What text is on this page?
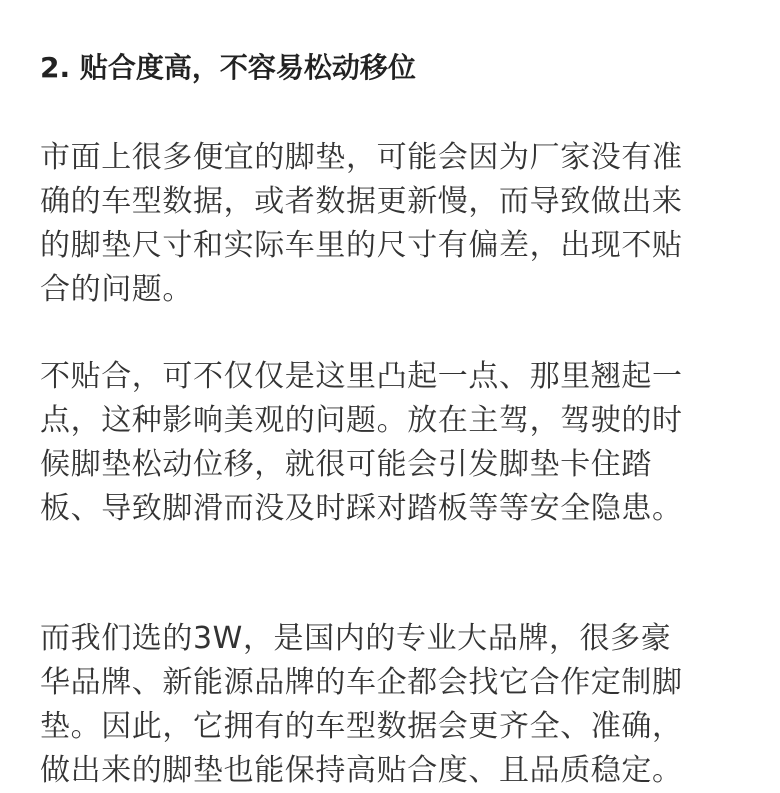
2. 贴合度高，不容易松动移位
市面上很多便宜的脚垫，可能会因为厂家没有准
确的车型数据，或者数据更新慢，而导致做出来
的脚垫尺寸和实际车里的尺寸有偏差，出现不贴
合的问题。
不贴合，可不仅仅是这里凸起一点、那里翘起一
点，这种影响美观的问题。放在主驾，驾驶的时
候脚垫松动位移，就很可能会引发脚垫卡住踏
板、导致脚滑而没及时踩对踏板等等安全隐患。
而我们选的3W，是国内的专业大品牌，很多豪
华品牌、新能源品牌的车企都会找它合作定制脚
垫。因此，它拥有的车型数据会更齐全、准确，
做出来的脚垫也能保持高贴合度、且品质稳定。
